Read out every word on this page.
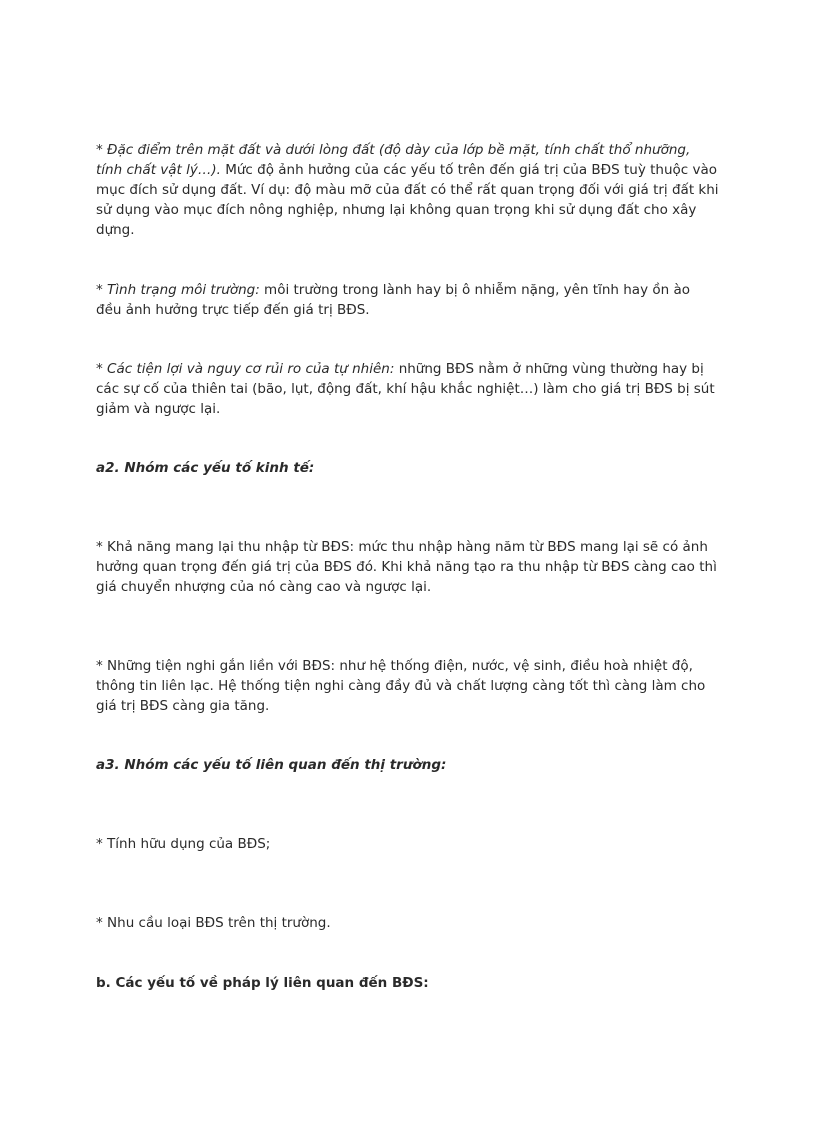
* Đặc điểm trên mặt đất và dưới lòng đất (độ dày của lớp bề mặt, tính chất thổ nhưỡng,
tính chất vật lý…). Mức độ ảnh hưởng của các yếu tố trên đến giá trị của BĐS tuỳ thuộc vào
mục đích sử dụng đất. Ví dụ: độ màu mỡ của đất có thể rất quan trọng đối với giá trị đất khi
sử dụng vào mục đích nông nghiệp, nhưng lại không quan trọng khi sử dụng đất cho xây
dựng.
* Tình trạng môi trường: môi trường trong lành hay bị ô nhiễm nặng, yên tĩnh hay ồn ào
đều ảnh hưởng trực tiếp đến giá trị BĐS.
* Các tiện lợi và nguy cơ rủi ro của tự nhiên: những BĐS nằm ở những vùng thường hay bị
các sự cố của thiên tai (bão, lụt, động đất, khí hậu khắc nghiệt…) làm cho giá trị BĐS bị sút
giảm và ngược lại.
a2. Nhóm các yếu tố kinh tế:
* Khả năng mang lại thu nhập từ BĐS: mức thu nhập hàng năm từ BĐS mang lại sẽ có ảnh
hưởng quan trọng đến giá trị của BĐS đó. Khi khả năng tạo ra thu nhập từ BĐS càng cao thì
giá chuyển nhượng của nó càng cao và ngược lại.
* Những tiện nghi gắn liền với BĐS: như hệ thống điện, nước, vệ sinh, điều hoà nhiệt độ,
thông tin liên lạc. Hệ thống tiện nghi càng đầy đủ và chất lượng càng tốt thì càng làm cho
giá trị BĐS càng gia tăng.
a3. Nhóm các yếu tố liên quan đến thị trường:
* Tính hữu dụng của BĐS;
* Nhu cầu loại BĐS trên thị trường.
b. Các yếu tố về pháp lý liên quan đến BĐS:
